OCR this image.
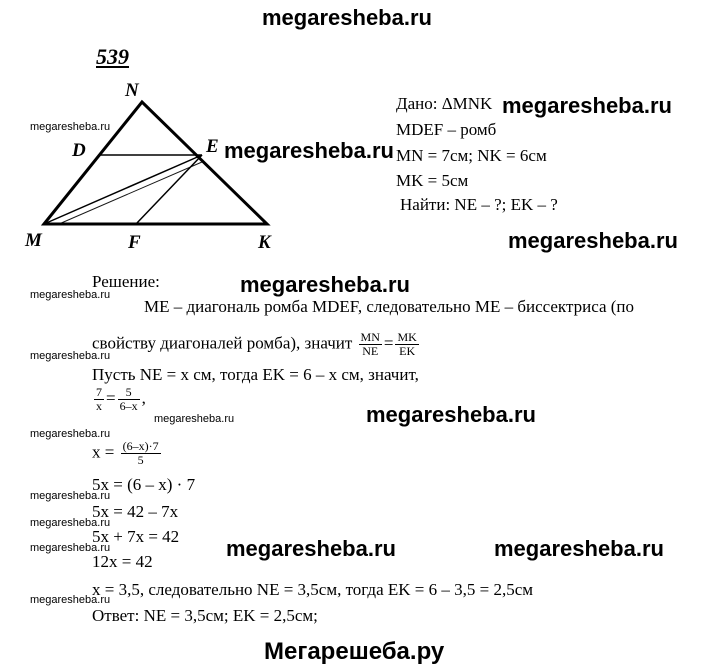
megaresheba.ru
539
N
D	E
M	F	K
megaresheba.ru
megaresheba.ru
Дано: ΔMNK megaresheba.ru
MDEF – ромб
MN = 7см; NK = 6см
MK = 5см
Найти: NE – ?; EK – ?
megaresheba.ru
Решение:	megaresheba.ru
megaresheba.ru
ME – диагональ ромба MDEF, следовательно ME – биссектриса (по
свойству диагоналей ромба), значит $\frac{MN}{NE} = \frac{MK}{EK}$
megaresheba.ru
Пусть NE = x см, тогда EK = 6 – x см, значит,
$\frac{7}{x} = \frac{5}{6-x}$ ,
megaresheba.ru	megaresheba.ru
megaresheba.ru
$x = \frac{(6-x)\cdot 7}{5}$
5x = (6 – x) · 7
megaresheba.ru
5x = 42 – 7x
megaresheba.ru
5x + 7x = 42 megaresheba.ru	megaresheba.ru
megaresheba.ru
12x = 42
x = 3,5, следовательно NE = 3,5см, тогда EK = 6 – 3,5 = 2,5см
megaresheba.ru
Ответ: NE = 3,5см; EK = 2,5см;
Мегарешеба.ру
